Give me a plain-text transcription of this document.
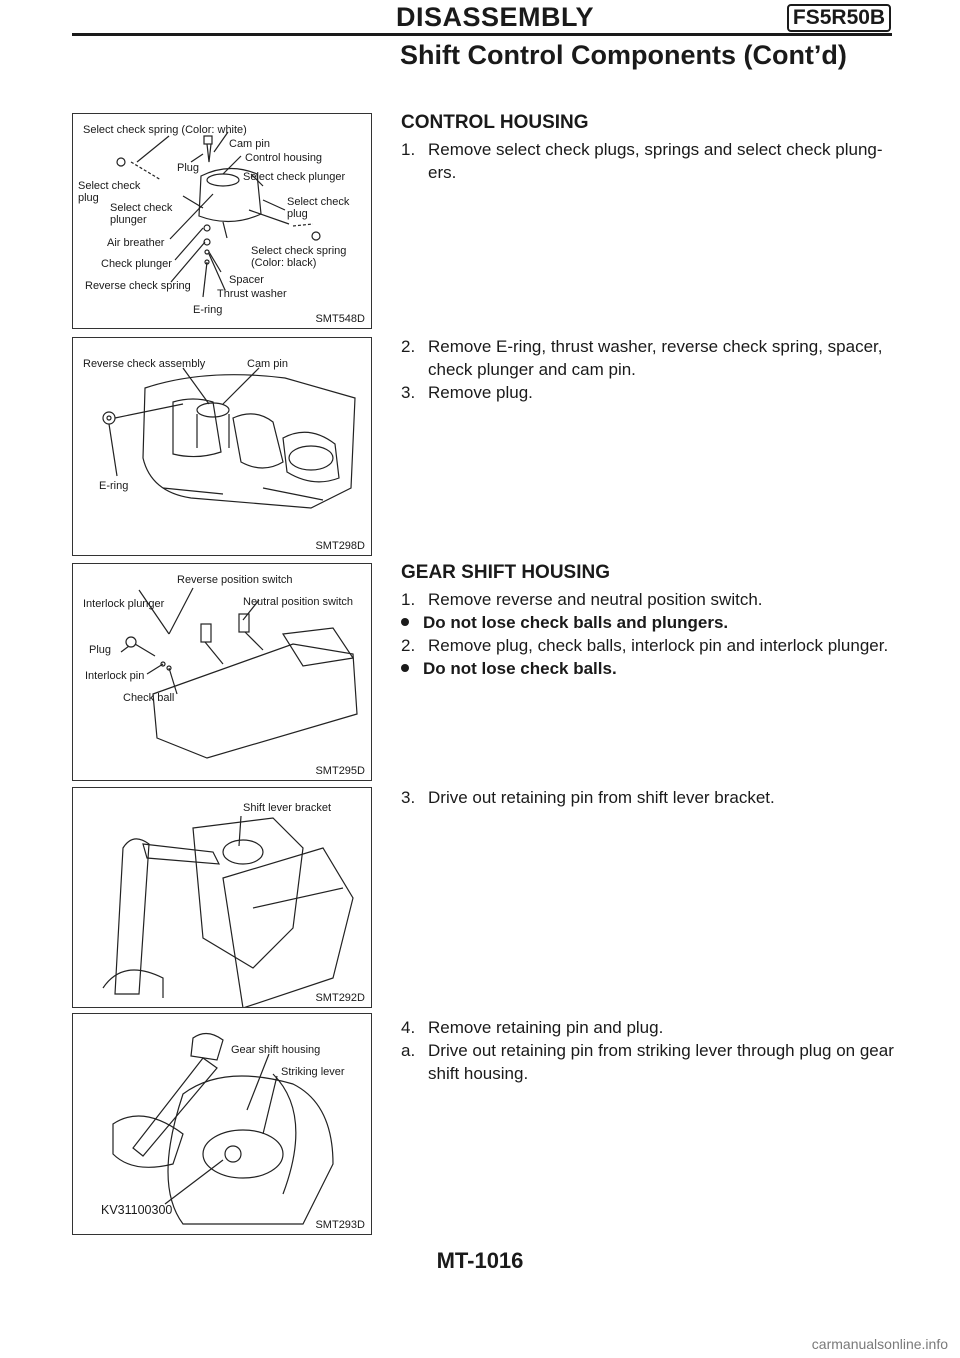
DISASSEMBLY	FS5R50B
Shift Control Components (Cont’d)
Select check spring (Color: white)
Cam pin
Plug
Control housing
Select check plunger
Select check
plug
Select check
plunger
Select check
plug
Air breather
Select check spring
(Color: black)
Check plunger
Spacer
Reverse check spring
Thrust washer
E-ring
SMT548D
Reverse check assembly	Cam pin
E-ring
SMT298D
Reverse position switch
Interlock plunger	Neutral position switch
Plug
Interlock pin
Check ball
SMT295D
Shift lever bracket
SMT292D
Gear shift housing
Striking lever
KV31100300
SMT293D
CONTROL HOUSING
1. Remove select check plugs, springs and select check plung-ers.
2. Remove E-ring, thrust washer, reverse check spring, spacer, check plunger and cam pin.
3. Remove plug.
GEAR SHIFT HOUSING
1. Remove reverse and neutral position switch.
Do not lose check balls and plungers.
2. Remove plug, check balls, interlock pin and interlock plunger.
Do not lose check balls.
3. Drive out retaining pin from shift lever bracket.
4. Remove retaining pin and plug.
a. Drive out retaining pin from striking lever through plug on gear shift housing.
MT-1016
carmanualsonline.info
